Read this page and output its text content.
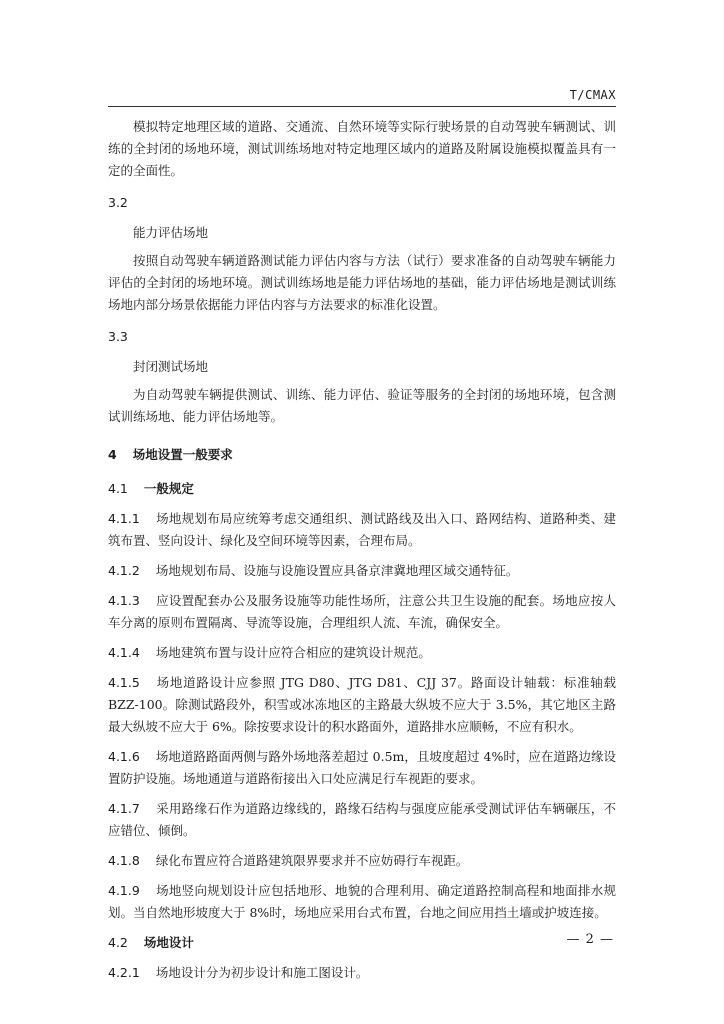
T/CMAX

模拟特定地理区域的道路、交通流、自然环境等实际行驶场景的自动驾驶车辆测试、训练的全封闭的场地环境，测试训练场地对特定地理区域内的道路及附属设施模拟覆盖具有一定的全面性。

3.2

能力评估场地

按照自动驾驶车辆道路测试能力评估内容与方法（试行）要求准备的自动驾驶车辆能力评估的全封闭的场地环境。测试训练场地是能力评估场地的基础，能力评估场地是测试训练场地内部分场景依据能力评估内容与方法要求的标准化设置。

3.3

封闭测试场地

为自动驾驶车辆提供测试、训练、能力评估、验证等服务的全封闭的场地环境，包含测试训练场地、能力评估场地等。

4 场地设置一般要求

4.1 一般规定

4.1.1 场地规划布局应统筹考虑交通组织、测试路线及出入口、路网结构、道路种类、建筑布置、竖向设计、绿化及空间环境等因素，合理布局。

4.1.2 场地规划布局、设施与设施设置应具备京津冀地理区域交通特征。

4.1.3 应设置配套办公及服务设施等功能性场所，注意公共卫生设施的配套。场地应按人车分离的原则布置隔离、导流等设施，合理组织人流、车流，确保安全。

4.1.4 场地建筑布置与设计应符合相应的建筑设计规范。

4.1.5 场地道路设计应参照 JTG D80、JTG D81、CJJ 37。路面设计轴载：标准轴载 BZZ-100。除测试路段外，积雪或冰冻地区的主路最大纵坡不应大于 3.5%，其它地区主路最大纵坡不应大于 6%。除按要求设计的积水路面外，道路排水应顺畅，不应有积水。

4.1.6 场地道路路面两侧与路外场地落差超过 0.5m，且坡度超过 4%时，应在道路边缘设置防护设施。场地通道与道路衔接出入口处应满足行车视距的要求。

4.1.7 采用路缘石作为道路边缘线的，路缘石结构与强度应能承受测试评估车辆碾压，不应错位、倾倒。

4.1.8 绿化布置应符合道路建筑限界要求并不应妨碍行车视距。

4.1.9 场地竖向规划设计应包括地形、地貌的合理利用、确定道路控制高程和地面排水规划。当自然地形坡度大于 8%时，场地应采用台式布置，台地之间应用挡土墙或护坡连接。

4.2 场地设计

4.2.1 场地设计分为初步设计和施工图设计。

— 2 —
